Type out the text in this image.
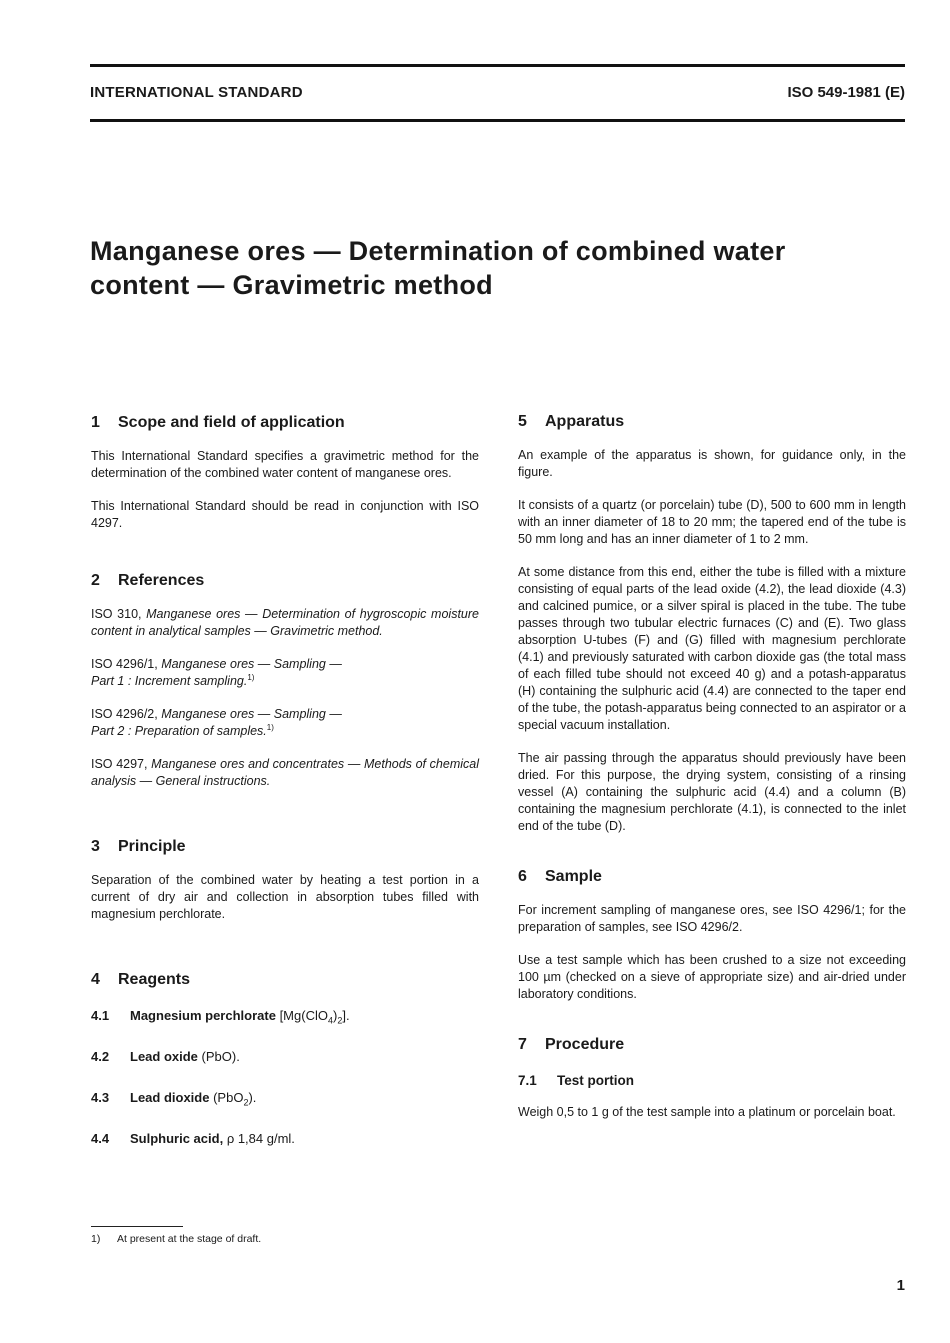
INTERNATIONAL STANDARD	ISO 549-1981 (E)
Manganese ores — Determination of combined water
content — Gravimetric method
1 Scope and field of application

This International Standard specifies a gravimetric method for the determination of the combined water content of manganese ores.

This International Standard should be read in conjunction with ISO 4297.

2 References

ISO 310, Manganese ores — Determination of hygroscopic moisture content in analytical samples — Gravimetric method.

ISO 4296/1, Manganese ores — Sampling —
Part 1 : Increment sampling.$^{1)}$

ISO 4296/2, Manganese ores — Sampling —
Part 2 : Preparation of samples.$^{1)}$

ISO 4297, Manganese ores and concentrates — Methods of chemical analysis — General instructions.

3 Principle

Separation of the combined water by heating a test portion in a current of dry air and collection in absorption tubes filled with magnesium perchlorate.

4 Reagents
4.1 Magnesium perchlorate $[Mg(ClO_4)_2]$.
4.2 Lead oxide (PbO).
4.3 Lead dioxide (PbO$_2$).
4.4 Sulphuric acid, ρ 1,84 g/ml.
5 Apparatus

An example of the apparatus is shown, for guidance only, in the figure.

It consists of a quartz (or porcelain) tube (D), 500 to 600 mm in length with an inner diameter of 18 to 20 mm; the tapered end of the tube is 50 mm long and has an inner diameter of 1 to 2 mm.

At some distance from this end, either the tube is filled with a mixture consisting of equal parts of the lead oxide (4.2), the lead dioxide (4.3) and calcined pumice, or a silver spiral is placed in the tube. The tube passes through two tubular electric furnaces (C) and (E). Two glass absorption U-tubes (F) and (G) filled with magnesium perchlorate (4.1) and previously saturated with carbon dioxide gas (the total mass of each filled tube should not exceed 40 g) and a potash-apparatus (H) containing the sulphuric acid (4.4) are connected to the taper end of the tube, the potash-apparatus being connected to an aspirator or a special vacuum installation.

The air passing through the apparatus should previously have been dried. For this purpose, the drying system, consisting of a rinsing vessel (A) containing the sulphuric acid (4.4) and a column (B) containing the magnesium perchlorate (4.1), is connected to the inlet end of the tube (D).

6 Sample

For increment sampling of manganese ores, see ISO 4296/1; for the preparation of samples, see ISO 4296/2.

Use a test sample which has been crushed to a size not exceeding 100 µm (checked on a sieve of appropriate size) and air-dried under laboratory conditions.

7 Procedure
7.1 Test portion

Weigh 0,5 to 1 g of the test sample into a platinum or porcelain boat.

1) At present at the stage of draft.
1
